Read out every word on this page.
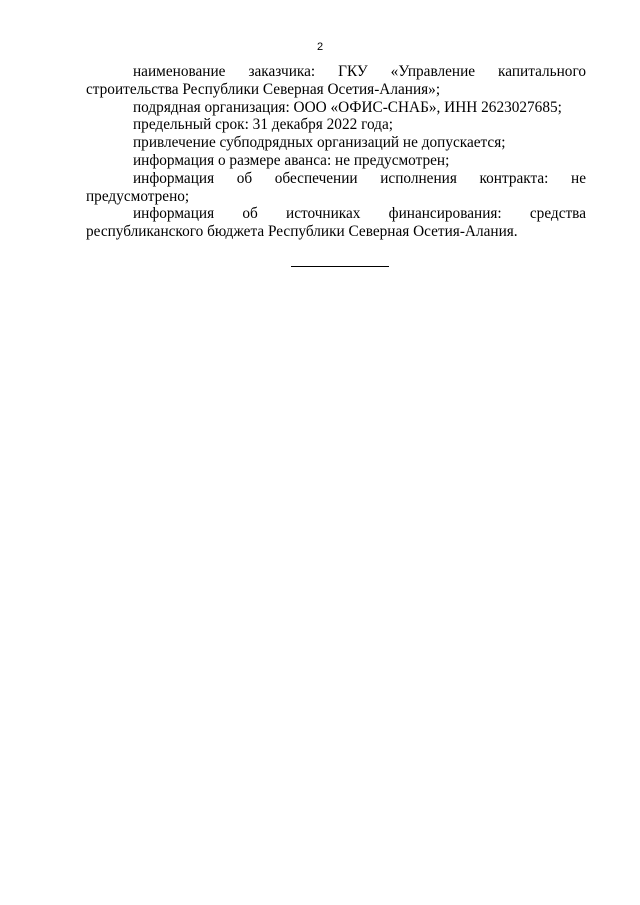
2

наименование заказчика: ГКУ «Управление капитального строительства Республики Северная Осетия-Алания»;

подрядная организация: ООО «ОФИС-СНАБ», ИНН 2623027685;

предельный срок: 31 декабря 2022 года;

привлечение субподрядных организаций не допускается;

информация о размере аванса: не предусмотрен;

информация об обеспечении исполнения контракта: не предусмотрено;

информация об источниках финансирования: средства республиканского бюджета Республики Северная Осетия-Алания.
